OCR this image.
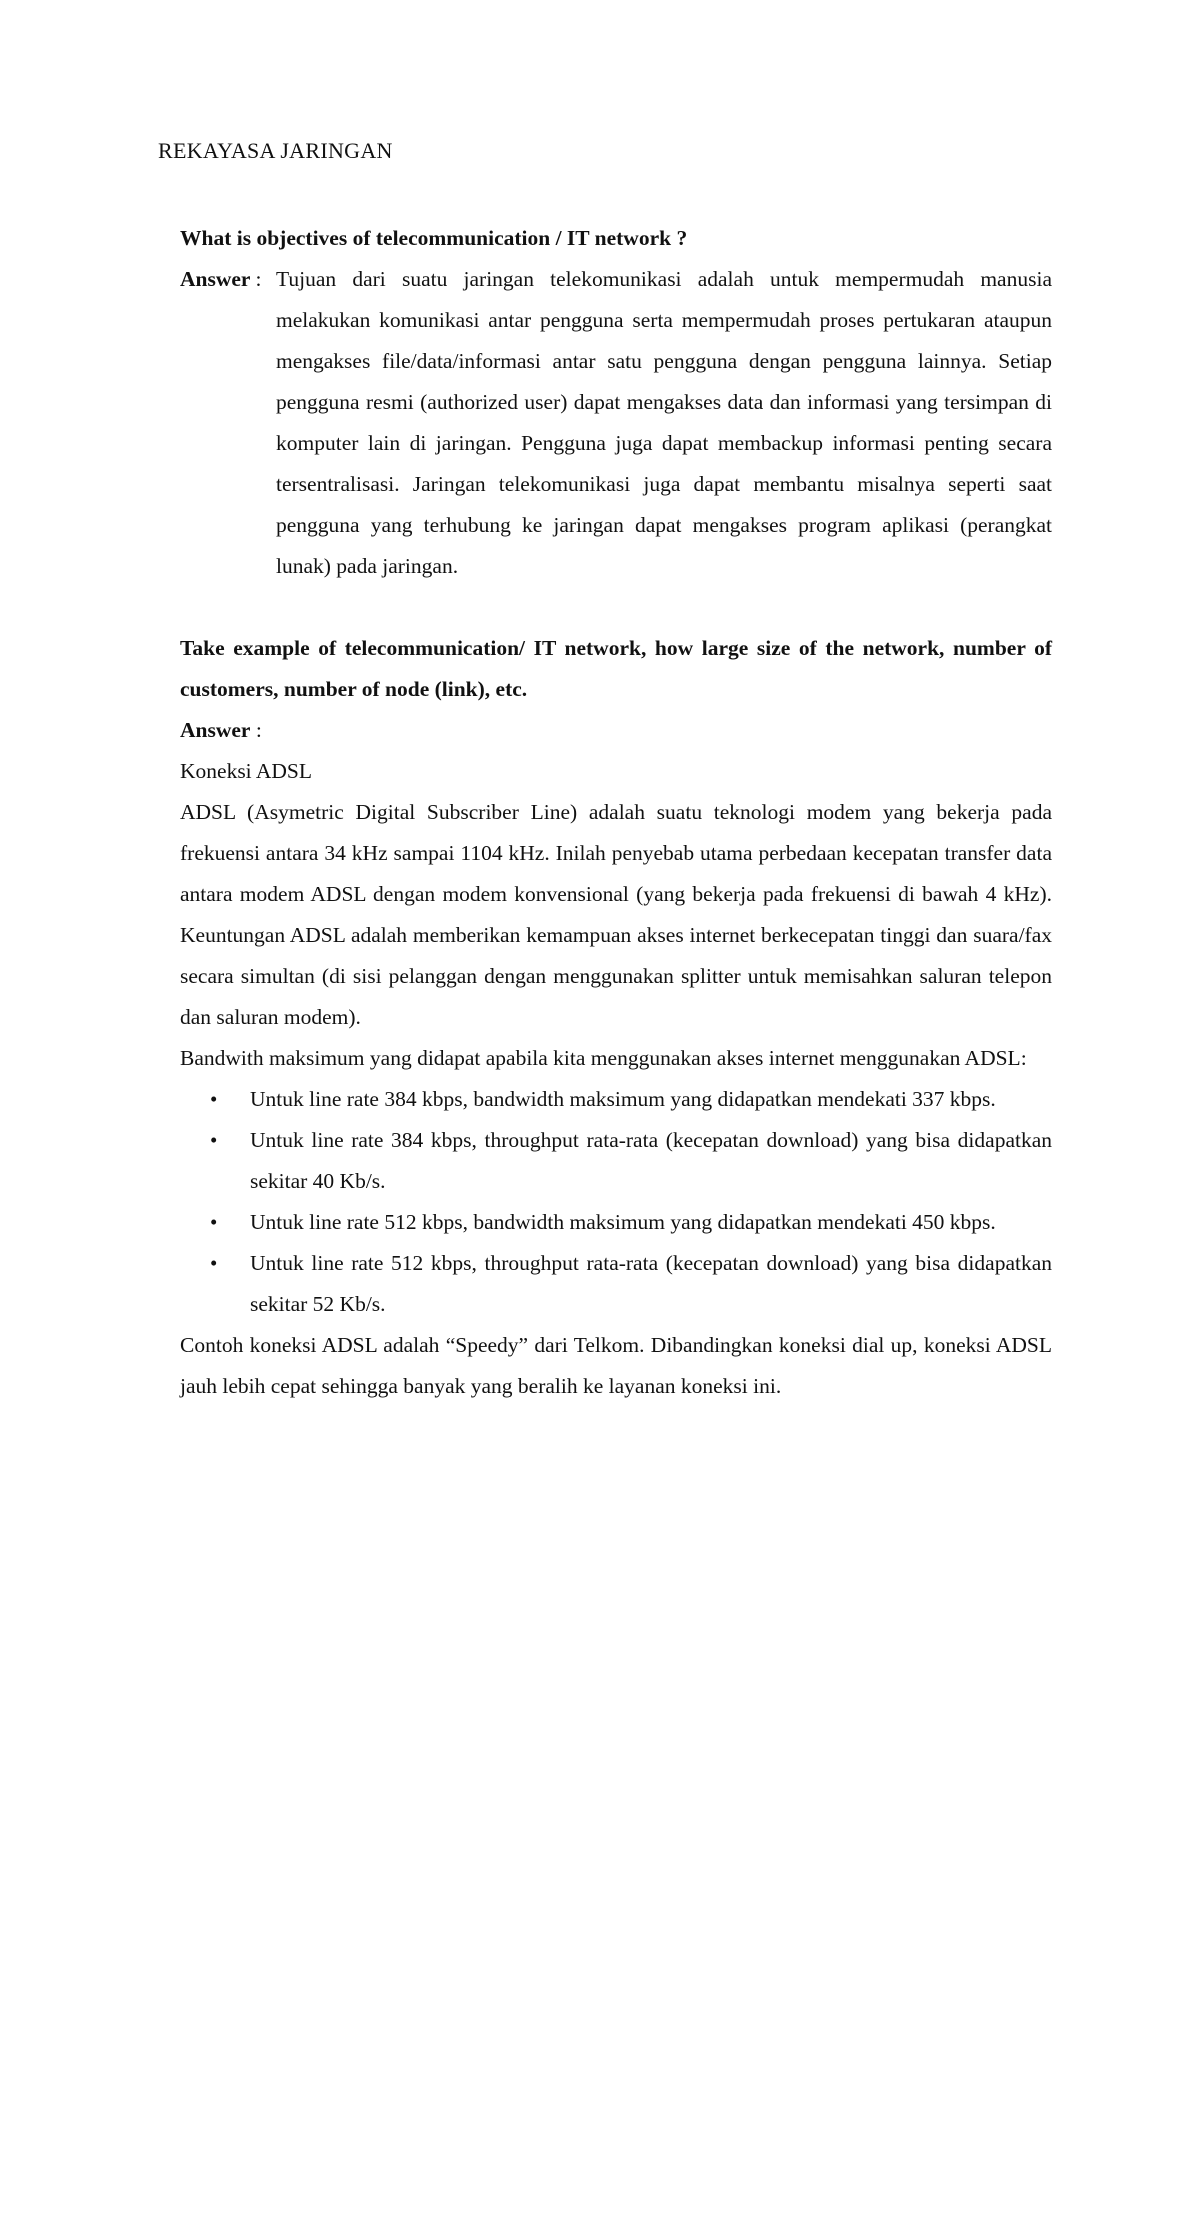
REKAYASA JARINGAN
What is objectives of telecommunication / IT network ?
Answer : Tujuan dari suatu jaringan telekomunikasi adalah untuk mempermudah manusia melakukan komunikasi antar pengguna serta mempermudah proses pertukaran ataupun mengakses file/data/informasi antar satu pengguna dengan pengguna lainnya. Setiap pengguna resmi (authorized user) dapat mengakses data dan informasi yang tersimpan di komputer lain di jaringan. Pengguna juga dapat membackup informasi penting secara tersentralisasi. Jaringan telekomunikasi juga dapat membantu misalnya seperti saat pengguna yang terhubung ke jaringan dapat mengakses program aplikasi (perangkat lunak) pada jaringan.
Take example of telecommunication/ IT network, how large size of the network, number of customers, number of node (link), etc.
Answer :
Koneksi ADSL
ADSL (Asymetric Digital Subscriber Line) adalah suatu teknologi modem yang bekerja pada frekuensi antara 34 kHz sampai 1104 kHz. Inilah penyebab utama perbedaan kecepatan transfer data antara modem ADSL dengan modem konvensional (yang bekerja pada frekuensi di bawah 4 kHz). Keuntungan ADSL adalah memberikan kemampuan akses internet berkecepatan tinggi dan suara/fax secara simultan (di sisi pelanggan dengan menggunakan splitter untuk memisahkan saluran telepon dan saluran modem).
Bandwith maksimum yang didapat apabila kita menggunakan akses internet menggunakan ADSL:
• Untuk line rate 384 kbps, bandwidth maksimum yang didapatkan mendekati 337 kbps.
• Untuk line rate 384 kbps, throughput rata-rata (kecepatan download) yang bisa didapatkan sekitar 40 Kb/s.
• Untuk line rate 512 kbps, bandwidth maksimum yang didapatkan mendekati 450 kbps.
• Untuk line rate 512 kbps, throughput rata-rata (kecepatan download) yang bisa didapatkan sekitar 52 Kb/s.
Contoh koneksi ADSL adalah “Speedy” dari Telkom. Dibandingkan koneksi dial up, koneksi ADSL jauh lebih cepat sehingga banyak yang beralih ke layanan koneksi ini.
